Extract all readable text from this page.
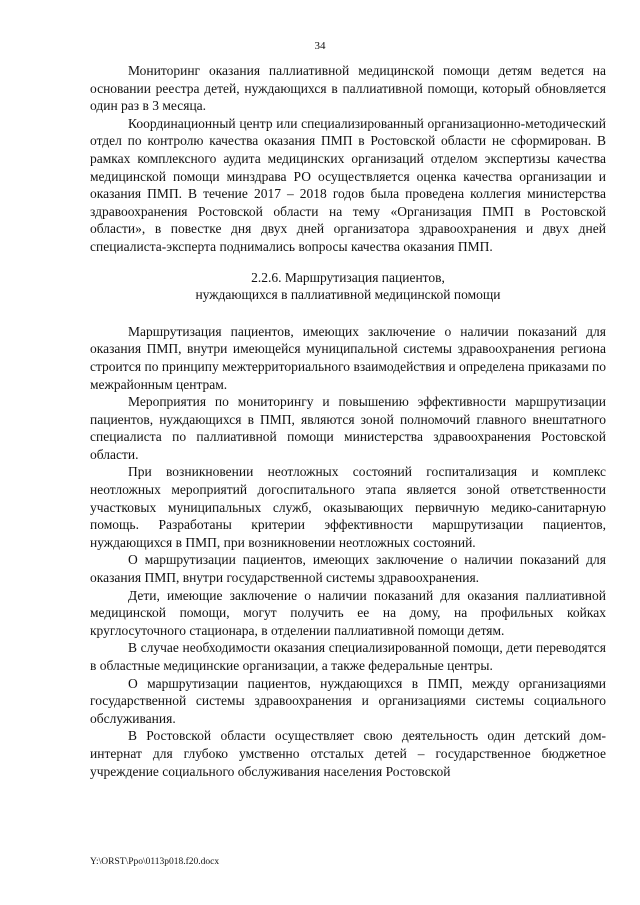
34

Мониторинг оказания паллиативной медицинской помощи детям ведется на основании реестра детей, нуждающихся в паллиативной помощи, который обновляется один раз в 3 месяца.

Координационный центр или специализированный организационно-методический отдел по контролю качества оказания ПМП в Ростовской области не сформирован. В рамках комплексного аудита медицинских организаций отделом экспертизы качества медицинской помощи минздрава РО осуществляется оценка качества организации и оказания ПМП. В течение 2017 – 2018 годов была проведена коллегия министерства здравоохранения Ростовской области на тему «Организация ПМП в Ростовской области», в повестке дня двух дней организатора здравоохранения и двух дней специалиста-эксперта поднимались вопросы качества оказания ПМП.

2.2.6. Маршрутизация пациентов,

нуждающихся в паллиативной медицинской помощи

Маршрутизация пациентов, имеющих заключение о наличии показаний для оказания ПМП, внутри имеющейся муниципальной системы здравоохранения региона строится по принципу межтерриториального взаимодействия и определена приказами по межрайонным центрам.

Мероприятия по мониторингу и повышению эффективности маршрутизации пациентов, нуждающихся в ПМП, являются зоной полномочий главного внештатного специалиста по паллиативной помощи министерства здравоохранения Ростовской области.

При возникновении неотложных состояний госпитализация и комплекс неотложных мероприятий догоспитального этапа является зоной ответственности участковых муниципальных служб, оказывающих первичную медико-санитарную помощь. Разработаны критерии эффективности маршрутизации пациентов, нуждающихся в ПМП, при возникновении неотложных состояний.

О маршрутизации пациентов, имеющих заключение о наличии показаний для оказания ПМП, внутри государственной системы здравоохранения.

Дети, имеющие заключение о наличии показаний для оказания паллиативной медицинской помощи, могут получить ее на дому, на профильных койках круглосуточного стационара, в отделении паллиативной помощи детям.

В случае необходимости оказания специализированной помощи, дети переводятся в областные медицинские организации, а также федеральные центры.

О маршрутизации пациентов, нуждающихся в ПМП, между организациями государственной системы здравоохранения и организациями системы социального обслуживания.

В Ростовской области осуществляет свою деятельность один детский дом-интернат для глубоко умственно отсталых детей – государственное бюджетное учреждение социального обслуживания населения Ростовской

Y:\ORST\Ppo\0113p018.f20.docx
